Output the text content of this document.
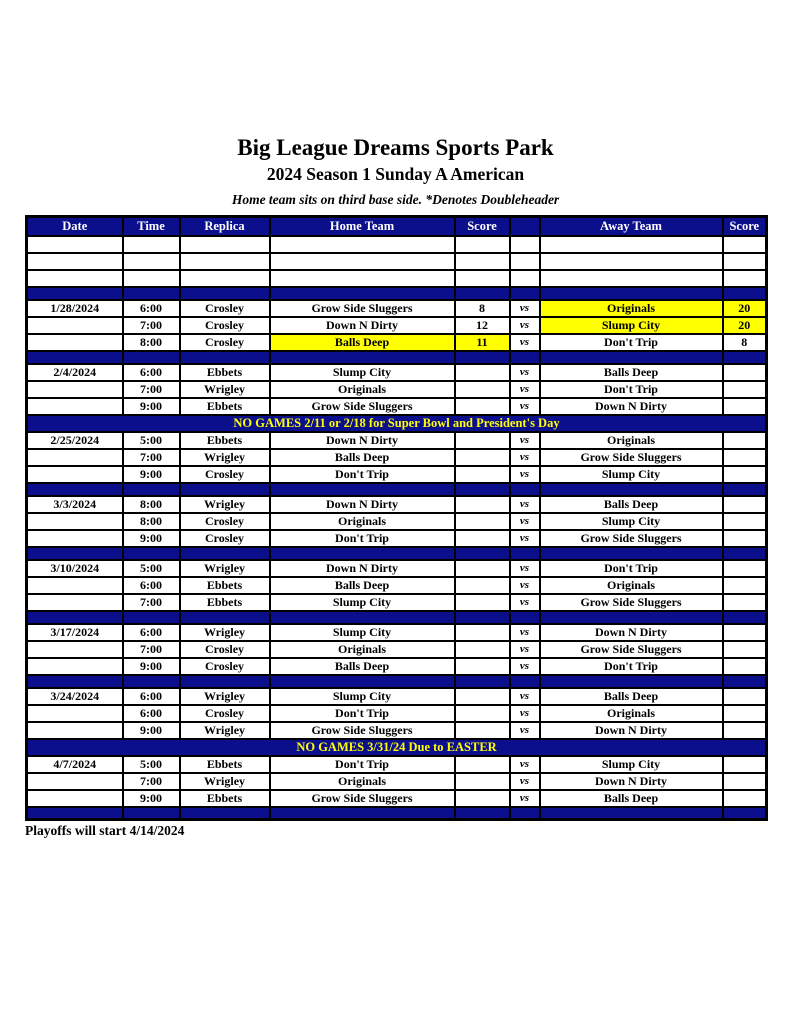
Big League Dreams Sports Park
2024 Season 1 Sunday A American
Home team sits on third base side. *Denotes Doubleheader
Date	Time	Replica	Home Team	Score		Away Team	Score

1/28/2024	6:00	Crosley	Grow Side Sluggers	8	vs	Originals	20
	7:00	Crosley	Down N Dirty	12	vs	Slump City	20
	8:00	Crosley	Balls Deep	11	vs	Don't Trip	8

2/4/2024	6:00	Ebbets	Slump City		vs	Balls Deep	
	7:00	Wrigley	Originals		vs	Don't Trip	
	9:00	Ebbets	Grow Side Sluggers		vs	Down N Dirty	
NO GAMES 2/11 or 2/18 for Super Bowl and President's Day							
2/25/2024	5:00	Ebbets	Down N Dirty		vs	Originals	
	7:00	Wrigley	Balls Deep		vs	Grow Side Sluggers	
	9:00	Crosley	Don't Trip		vs	Slump City	

3/3/2024	8:00	Wrigley	Down N Dirty		vs	Balls Deep	
	8:00	Crosley	Originals		vs	Slump City	
	9:00	Crosley	Don't Trip		vs	Grow Side Sluggers	

3/10/2024	5:00	Wrigley	Down N Dirty		vs	Don't Trip	
	6:00	Ebbets	Balls Deep		vs	Originals	
	7:00	Ebbets	Slump City		vs	Grow Side Sluggers	

3/17/2024	6:00	Wrigley	Slump City		vs	Down N Dirty	
	7:00	Crosley	Originals		vs	Grow Side Sluggers	
	9:00	Crosley	Balls Deep		vs	Don't Trip	

3/24/2024	6:00	Wrigley	Slump City		vs	Balls Deep	
	6:00	Crosley	Don't Trip		vs	Originals	
	9:00	Wrigley	Grow Side Sluggers		vs	Down N Dirty	
NO GAMES 3/31/24 Due to EASTER							
4/7/2024	5:00	Ebbets	Don't Trip		vs	Slump City	
	7:00	Wrigley	Originals		vs	Down N Dirty	
	9:00	Ebbets	Grow Side Sluggers		vs	Balls Deep	

Playoffs will start 4/14/2024
